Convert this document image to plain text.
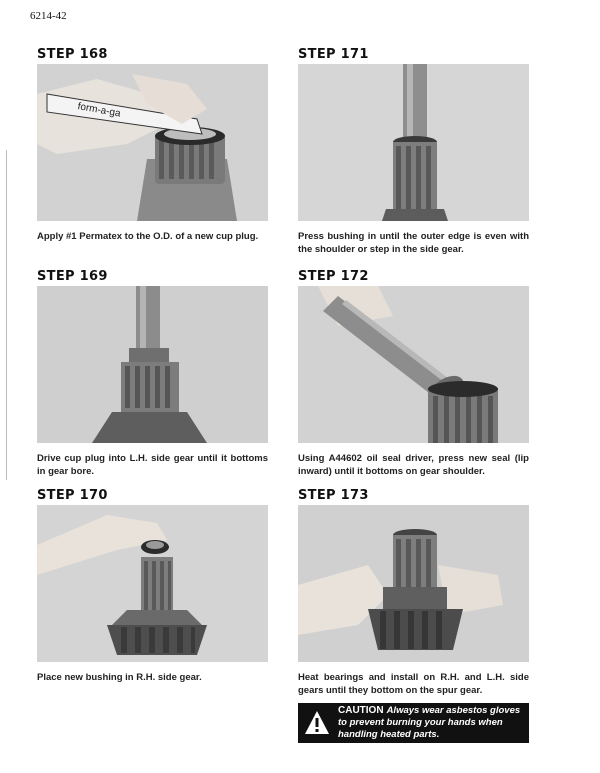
6214-42
STEP 168
form-a-ga
Apply #1 Permatex to the O.D. of a new cup plug.
STEP 169
Drive cup plug into L.H. side gear until it bottoms in gear bore.
STEP 170
Place new bushing in R.H. side gear.
STEP 171
Press bushing in until the outer edge is even with the shoulder or step in the side gear.
STEP 172
Using A44602 oil seal driver, press new seal (lip inward) until it bottoms on gear shoulder.
STEP 173
Heat bearings and install on R.H. and L.H. side gears until they bottom on the spur gear.
CAUTION Always wear asbestos gloves to prevent burning your hands when handling heated parts.
